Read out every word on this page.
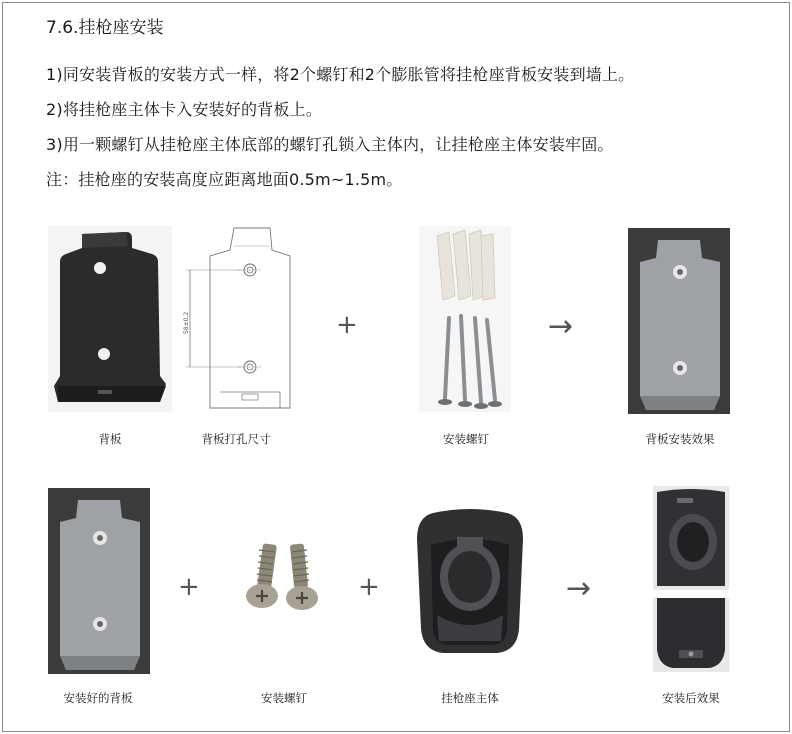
7.6.挂枪座安装
1)同安装背板的安装方式一样，将2个螺钉和2个膨胀管将挂枪座背板安装到墙上。
2)将挂枪座主体卡入安装好的背板上。
3)用一颗螺钉从挂枪座主体底部的螺钉孔锁入主体内，让挂枪座主体安装牢固。
注：挂枪座的安装高度应距离地面0.5m~1.5m。
58±0.2	+	→
背板	背板打孔尺寸	安装螺钉	背板安装效果
+	+	→
安装好的背板	安装螺钉	挂枪座主体	安装后效果
